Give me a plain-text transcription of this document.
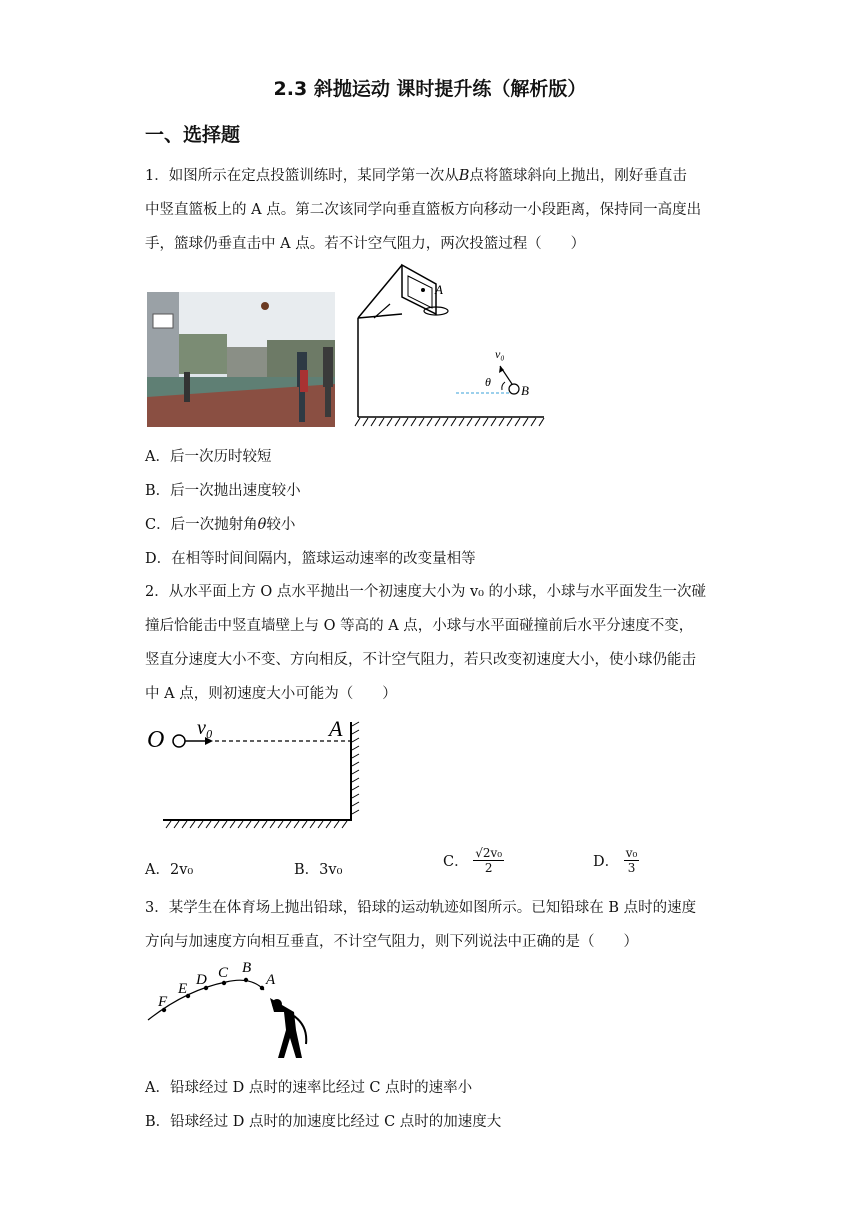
2.3 斜抛运动 课时提升练（解析版）
一、选择题
1．如图所示在定点投篮训练时，某同学第一次从B点将篮球斜向上抛出，刚好垂直击
中竖直篮板上的 A 点。第二次该同学向垂直篮板方向移动一小段距离，保持同一高度出
手，篮球仍垂直击中 A 点。若不计空气阻力，两次投篮过程（　　）
A
v₀
θ
B
A．后一次历时较短
B．后一次抛出速度较小
C．后一次抛射角θ较小
D．在相等时间间隔内，篮球运动速率的改变量相等
2．从水平面上方 O 点水平抛出一个初速度大小为 v₀ 的小球，小球与水平面发生一次碰
撞后恰能击中竖直墙壁上与 O 等高的 A 点，小球与水平面碰撞前后水平分速度不变，
竖直分速度大小不变、方向相反，不计空气阻力，若只改变初速度大小，使小球仍能击
中 A 点，则初速度大小可能为（　　）
O v₀	A
A．2v₀	B．3v₀	C． $\frac{\text{√2v₀}}{2}$	D． $\frac{\text{v₀}}{3}$
3．某学生在体育场上抛出铅球，铅球的运动轨迹如图所示。已知铅球在 B 点时的速度
方向与加速度方向相互垂直，不计空气阻力，则下列说法中正确的是（　　）
F
E
D C B
A
A．铅球经过 D 点时的速率比经过 C 点时的速率小
B．铅球经过 D 点时的加速度比经过 C 点时的加速度大
